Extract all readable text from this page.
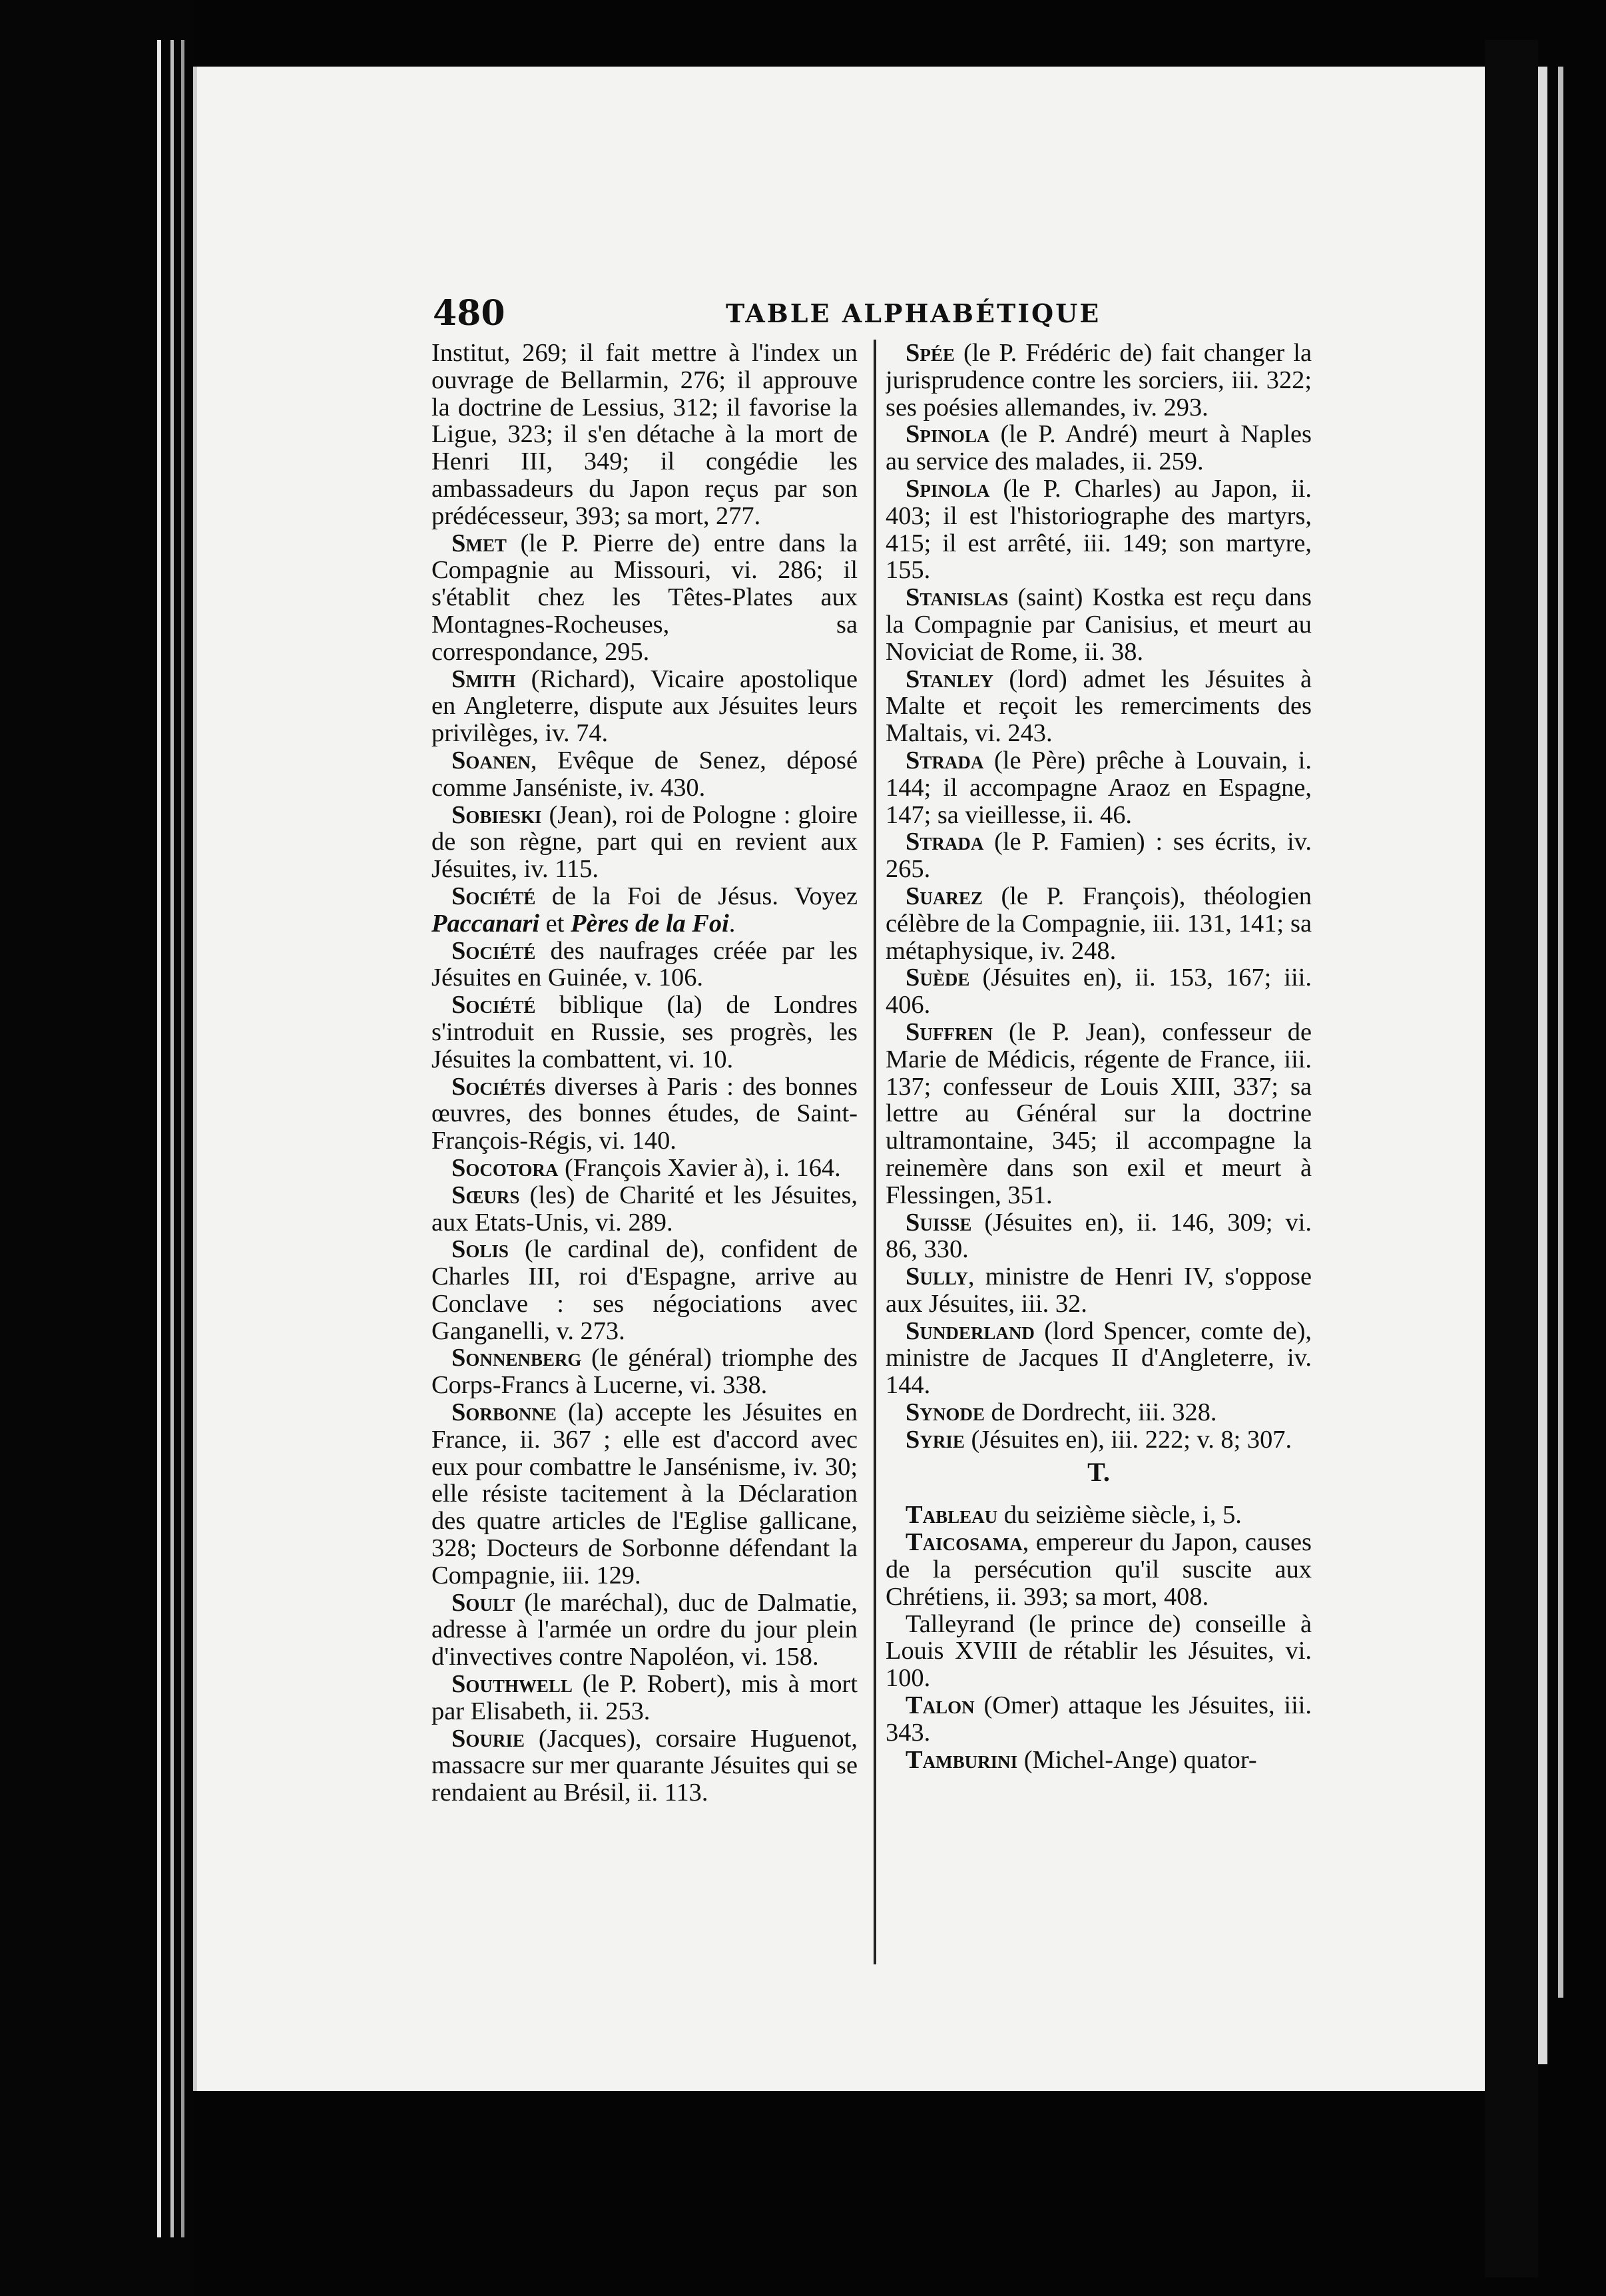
480	TABLE ALPHABÉTIQUE

Institut, 269; il fait mettre à l'index un ouvrage de Bellarmin, 276; il approuve la doctrine de Lessius, 312; il favorise la Ligue, 323; il s'en détache à la mort de Henri III, 349; il congédie les ambassadeurs du Japon reçus par son prédécesseur, 393; sa mort, 277.

Smet (le P. Pierre de) entre dans la Compagnie au Missouri, vi. 286; il s'établit chez les Têtes-Plates aux Montagnes-Rocheuses, sa correspondance, 295.

Smith (Richard), Vicaire apostolique en Angleterre, dispute aux Jésuites leurs privilèges, iv. 74.

Soanen, Evêque de Senez, déposé comme Janséniste, iv. 430.

Sobieski (Jean), roi de Pologne : gloire de son règne, part qui en revient aux Jésuites, iv. 115.

Société de la Foi de Jésus. Voyez Paccanari et Pères de la Foi.

Société des naufrages créée par les Jésuites en Guinée, v. 106.

Société biblique (la) de Londres s'introduit en Russie, ses progrès, les Jésuites la combattent, vi. 10.

Sociétés diverses à Paris : des bonnes œuvres, des bonnes études, de Saint-François-Régis, vi. 140.

Socotora (François Xavier à), i. 164.

Sœurs (les) de Charité et les Jésuites, aux Etats-Unis, vi. 289.

Solis (le cardinal de), confident de Charles III, roi d'Espagne, arrive au Conclave : ses négociations avec Ganganelli, v. 273.

Sonnenberg (le général) triomphe des Corps-Francs à Lucerne, vi. 338.

Sorbonne (la) accepte les Jésuites en France, ii. 367 ; elle est d'accord avec eux pour combattre le Jansénisme, iv. 30; elle résiste tacitement à la Déclaration des quatre articles de l'Eglise gallicane, 328; Docteurs de Sorbonne défendant la Compagnie, iii. 129.

Soult (le maréchal), duc de Dalmatie, adresse à l'armée un ordre du jour plein d'invectives contre Napoléon, vi. 158.

Southwell (le P. Robert), mis à mort par Elisabeth, ii. 253.

Sourie (Jacques), corsaire Huguenot, massacre sur mer quarante Jésuites qui se rendaient au Brésil, ii. 113.

Spée (le P. Frédéric de) fait changer la jurisprudence contre les sorciers, iii. 322; ses poésies allemandes, iv. 293.

Spinola (le P. André) meurt à Naples au service des malades, ii. 259.

Spinola (le P. Charles) au Japon, ii. 403; il est l'historiographe des martyrs, 415; il est arrêté, iii. 149; son martyre, 155.

Stanislas (saint) Kostka est reçu dans la Compagnie par Canisius, et meurt au Noviciat de Rome, ii. 38.

Stanley (lord) admet les Jésuites à Malte et reçoit les remerciments des Maltais, vi. 243.

Strada (le Père) prêche à Louvain, i. 144; il accompagne Araoz en Espagne, 147; sa vieillesse, ii. 46.

Strada (le P. Famien) : ses écrits, iv. 265.

Suarez (le P. François), théologien célèbre de la Compagnie, iii. 131, 141; sa métaphysique, iv. 248.

Suède (Jésuites en), ii. 153, 167; iii. 406.

Suffren (le P. Jean), confesseur de Marie de Médicis, régente de France, iii. 137; confesseur de Louis XIII, 337; sa lettre au Général sur la doctrine ultramontaine, 345; il accompagne la reinemère dans son exil et meurt à Flessingen, 351.

Suisse (Jésuites en), ii. 146, 309; vi. 86, 330.

Sully, ministre de Henri IV, s'oppose aux Jésuites, iii. 32.

Sunderland (lord Spencer, comte de), ministre de Jacques II d'Angleterre, iv. 144.

Synode de Dordrecht, iii. 328.

Syrie (Jésuites en), iii. 222; v. 8; 307.

T.

Tableau du seizième siècle, i, 5.

Taicosama, empereur du Japon, causes de la persécution qu'il suscite aux Chrétiens, ii. 393; sa mort, 408.

Talleyrand (le prince de) conseille à Louis XVIII de rétablir les Jésuites, vi. 100.

Talon (Omer) attaque les Jésuites, iii. 343.

Tamburini (Michel-Ange) quator-
